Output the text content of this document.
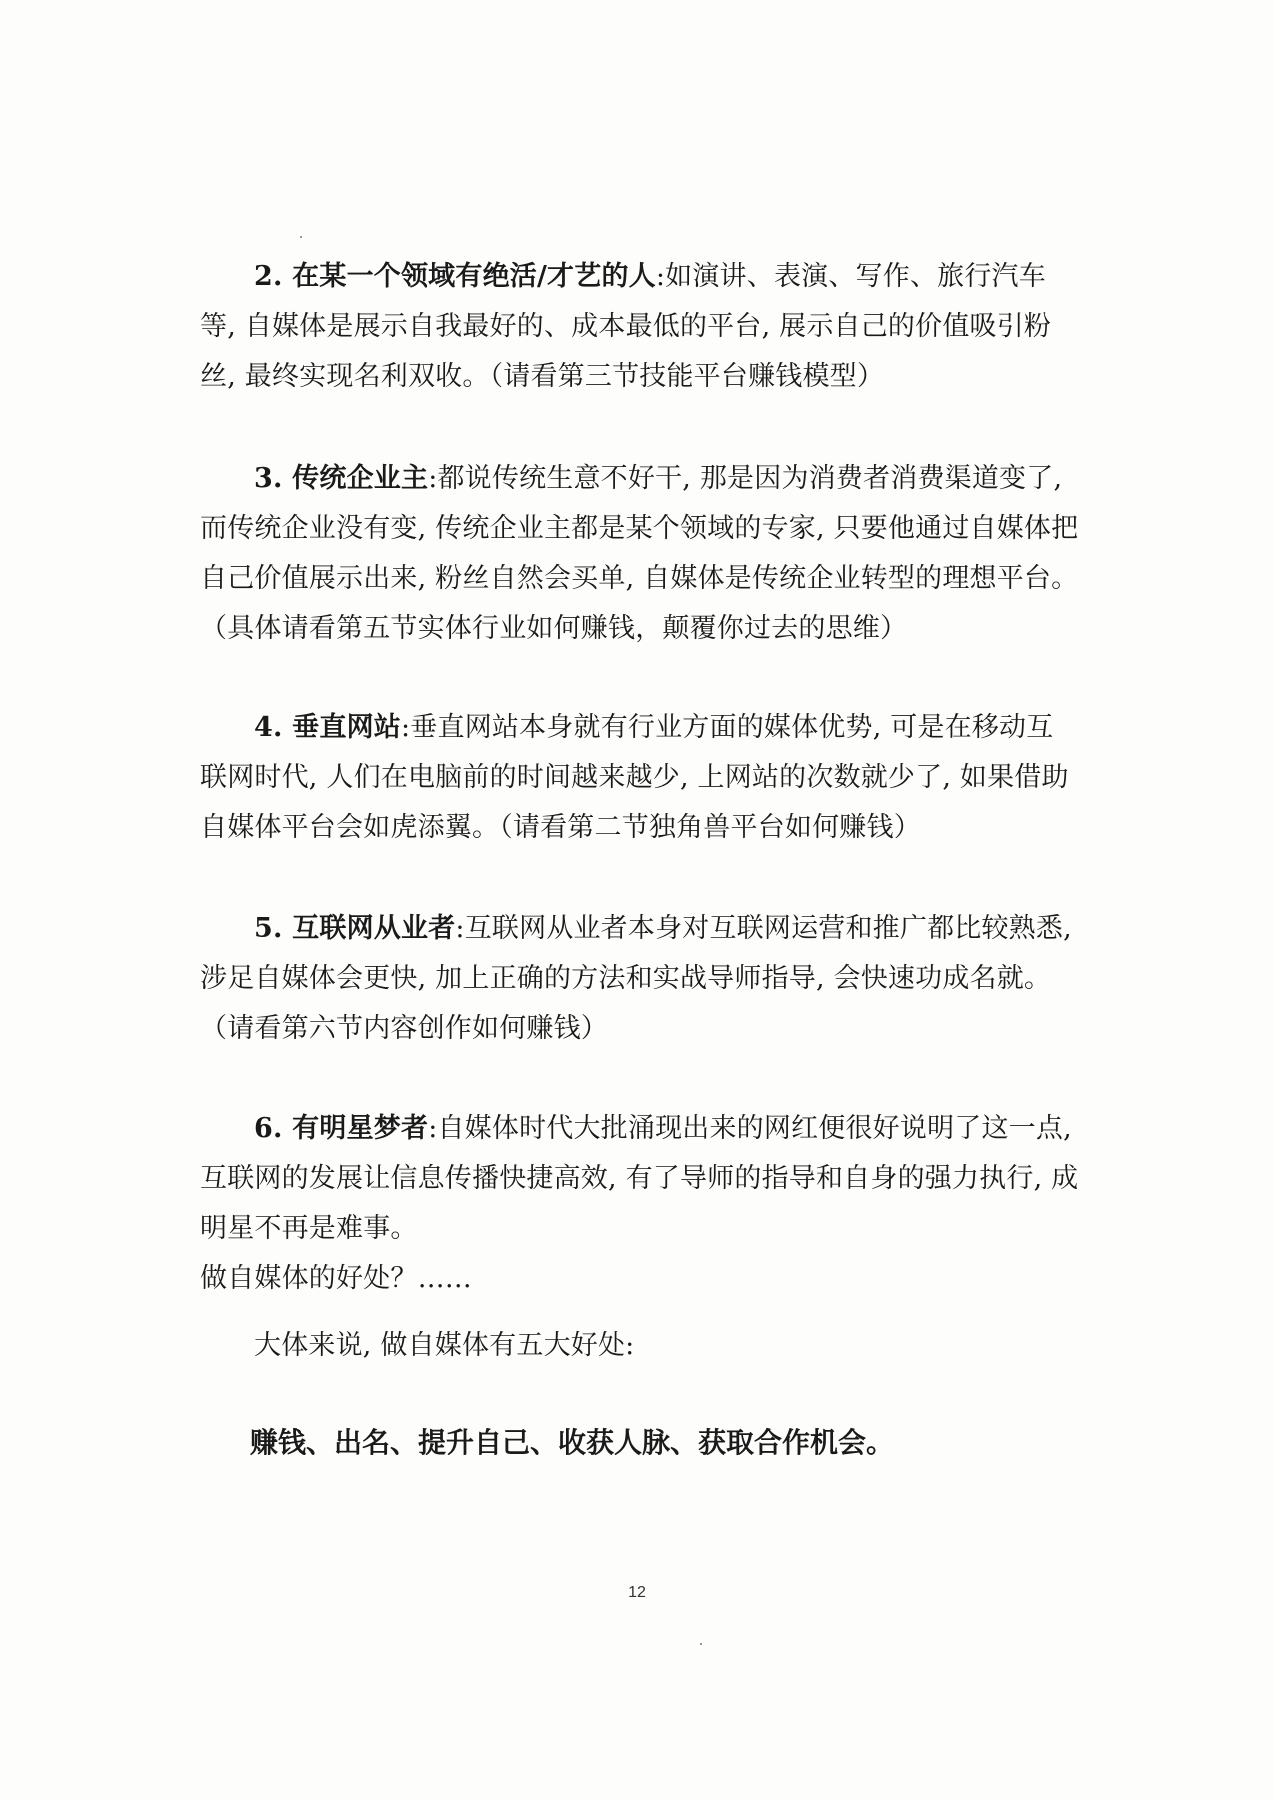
2. 在某一个领域有绝活/才艺的人:如演讲、表演、写作、旅行汽车等, 自媒体是展示自我最好的、成本最低的平台, 展示自己的价值吸引粉丝, 最终实现名利双收。（请看第三节技能平台赚钱模型）

3. 传统企业主:都说传统生意不好干, 那是因为消费者消费渠道变了, 而传统企业没有变, 传统企业主都是某个领域的专家, 只要他通过自媒体把自己价值展示出来, 粉丝自然会买单, 自媒体是传统企业转型的理想平台。（具体请看第五节实体行业如何赚钱，颠覆你过去的思维）

4. 垂直网站:垂直网站本身就有行业方面的媒体优势, 可是在移动互联网时代, 人们在电脑前的时间越来越少, 上网站的次数就少了, 如果借助自媒体平台会如虎添翼。（请看第二节独角兽平台如何赚钱）

5. 互联网从业者:互联网从业者本身对互联网运营和推广都比较熟悉, 涉足自媒体会更快, 加上正确的方法和实战导师指导, 会快速功成名就。（请看第六节内容创作如何赚钱）

6. 有明星梦者:自媒体时代大批涌现出来的网红便很好说明了这一点, 互联网的发展让信息传播快捷高效, 有了导师的指导和自身的强力执行, 成明星不再是难事。

做自媒体的好处？……

大体来说, 做自媒体有五大好处:

赚钱、出名、提升自己、收获人脉、获取合作机会。
12
